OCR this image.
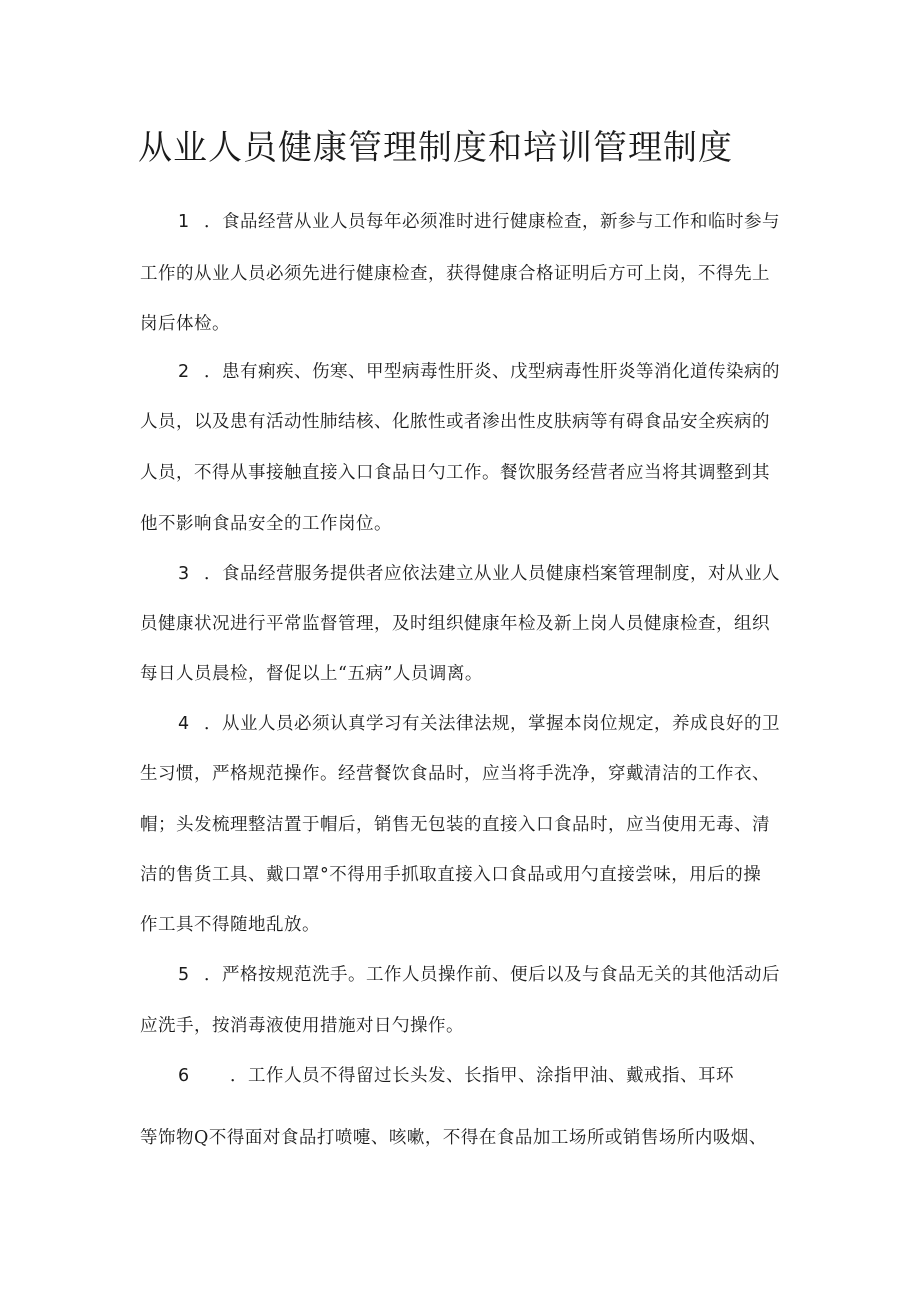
从业人员健康管理制度和培训管理制度
1 ．食品经营从业人员每年必须准时进行健康检查，新参与工作和临时参与
工作的从业人员必须先进行健康检查，获得健康合格证明后方可上岗，不得先上
岗后体检。
2 ．患有痢疾、伤寒、甲型病毒性肝炎、戊型病毒性肝炎等消化道传染病的
人员，以及患有活动性肺结核、化脓性或者渗出性皮肤病等有碍食品安全疾病的
人员，不得从事接触直接入口食品日勺工作。餐饮服务经营者应当将其调整到其
他不影响食品安全的工作岗位。
3 ．食品经营服务提供者应依法建立从业人员健康档案管理制度，对从业人
员健康状况进行平常监督管理，及时组织健康年检及新上岗人员健康检查，组织
每日人员晨检，督促以上“五病”人员调离。
4 ．从业人员必须认真学习有关法律法规，掌握本岗位规定，养成良好的卫
生习惯，严格规范操作。经营餐饮食品时，应当将手洗净，穿戴清洁的工作衣、
帽；头发梳理整洁置于帽后，销售无包装的直接入口食品时，应当使用无毒、清
洁的售货工具、戴口罩°不得用手抓取直接入口食品或用勺直接尝味，用后的操
作工具不得随地乱放。
5 ．严格按规范洗手。工作人员操作前、便后以及与食品无关的其他活动后
应洗手，按消毒液使用措施对日勺操作。
6 ．工作人员不得留过长头发、长指甲、涂指甲油、戴戒指、耳环
等饰物Q不得面对食品打喷嚏、咳嗽，不得在食品加工场所或销售场所内吸烟、
